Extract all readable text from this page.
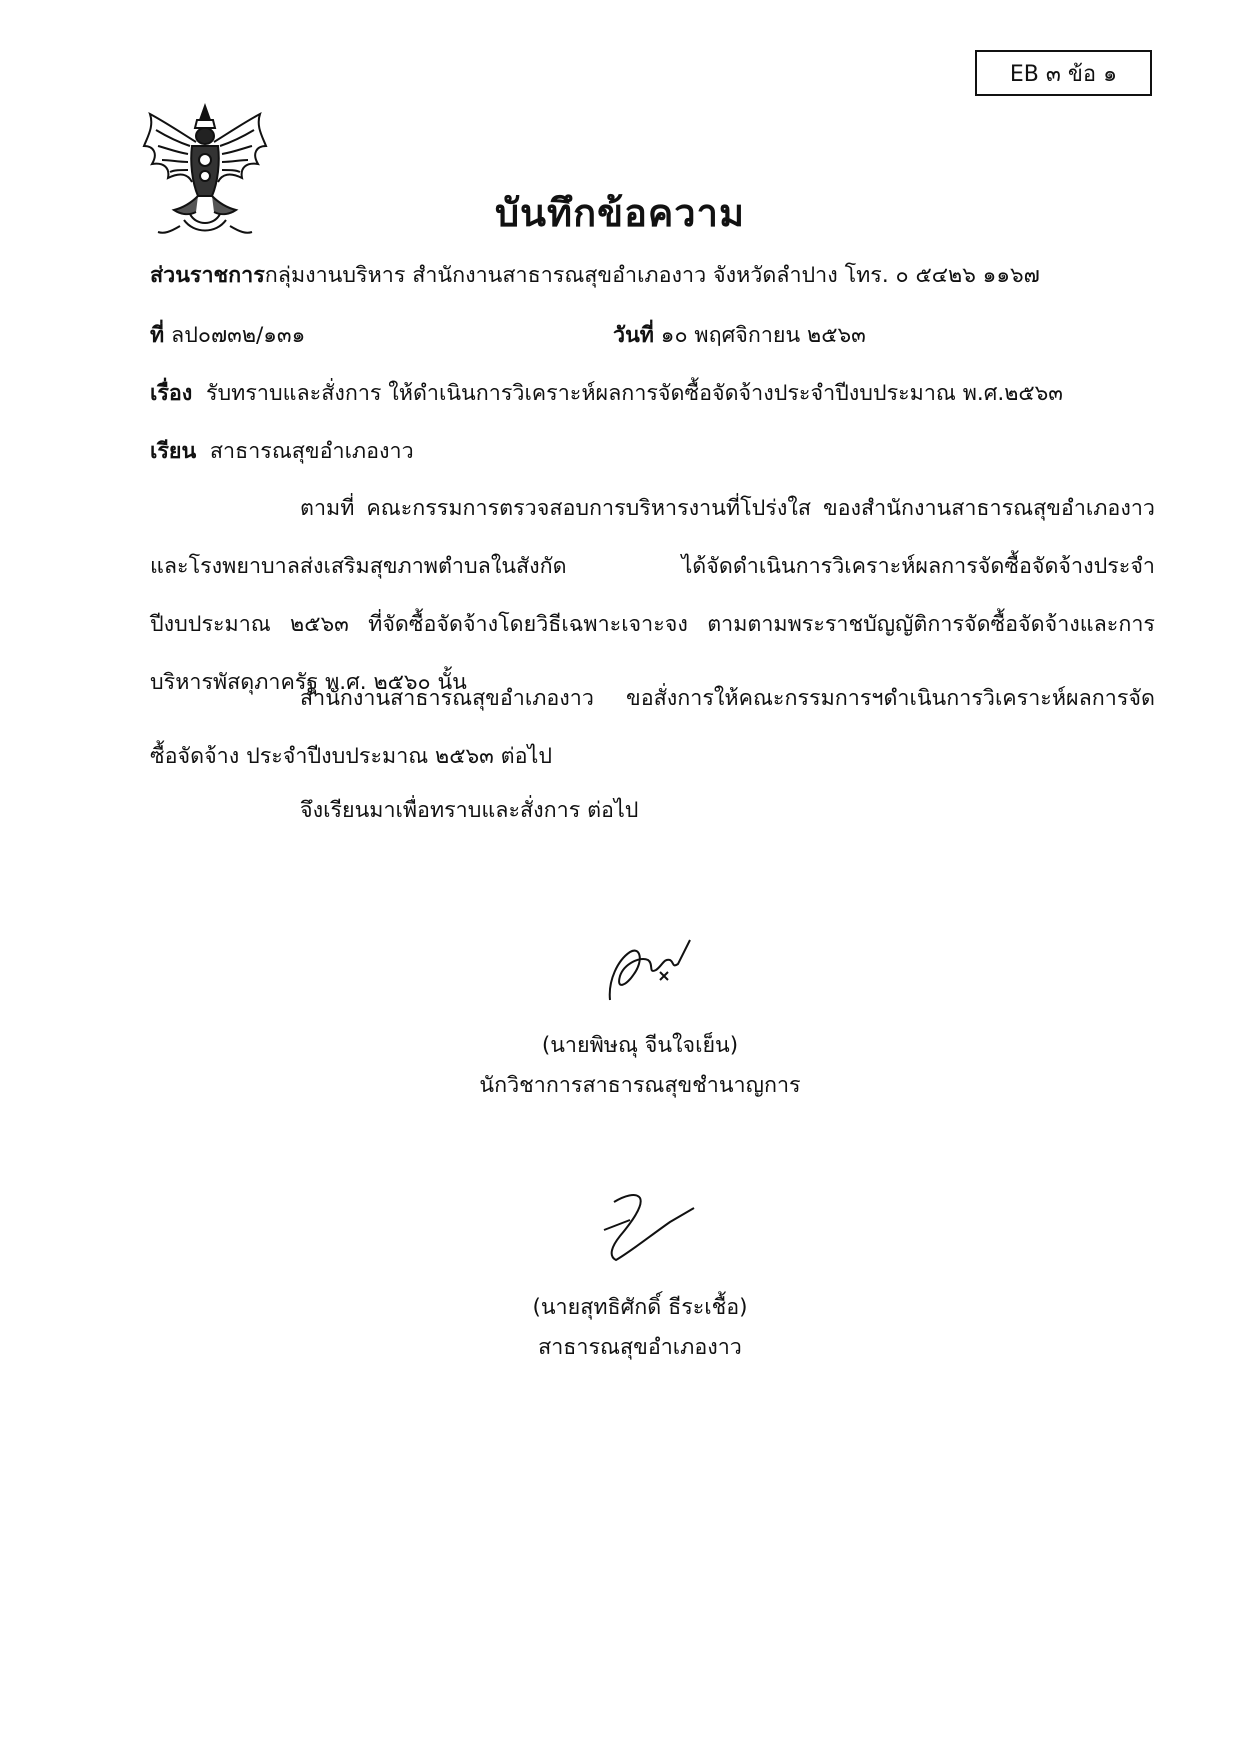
EB ๓ ข้อ ๑
บันทึกข้อความ
ส่วนราชการกลุ่มงานบริหาร สำนักงานสาธารณสุขอำเภองาว จังหวัดลำปาง โทร. ๐ ๕๔๒๖ ๑๑๖๗
ที่ ลป๐๗๓๒/๑๓๑	วันที่ ๑๐ พฤศจิกายน ๒๕๖๓
เรื่อง รับทราบและสั่งการ ให้ดำเนินการวิเคราะห์ผลการจัดซื้อจัดจ้างประจำปีงบประมาณ พ.ศ.๒๕๖๓
เรียน สาธารณสุขอำเภองาว
ตามที่ คณะกรรมการตรวจสอบการบริหารงานที่โปร่งใส ของสำนักงานสาธารณสุขอำเภองาว และโรงพยาบาลส่งเสริมสุขภาพตำบลในสังกัด ได้จัดดำเนินการวิเคราะห์ผลการจัดซื้อจัดจ้างประจำปีงบประมาณ ๒๕๖๓ ที่จัดซื้อจัดจ้างโดยวิธีเฉพาะเจาะจง ตามตามพระราชบัญญัติการจัดซื้อจัดจ้างและการบริหารพัสดุภาครัฐ พ.ศ. ๒๕๖๐ นั้น
สำนักงานสาธารณสุขอำเภองาว ขอสั่งการให้คณะกรรมการฯดำเนินการวิเคราะห์ผลการจัดซื้อจัดจ้าง ประจำปีงบประมาณ ๒๕๖๓ ต่อไป
จึงเรียนมาเพื่อทราบและสั่งการ ต่อไป
(นายพิษณุ จีนใจเย็น)
นักวิชาการสาธารณสุขชำนาญการ
(นายสุทธิศักดิ์ ธีระเชื้อ)
สาธารณสุขอำเภองาว
